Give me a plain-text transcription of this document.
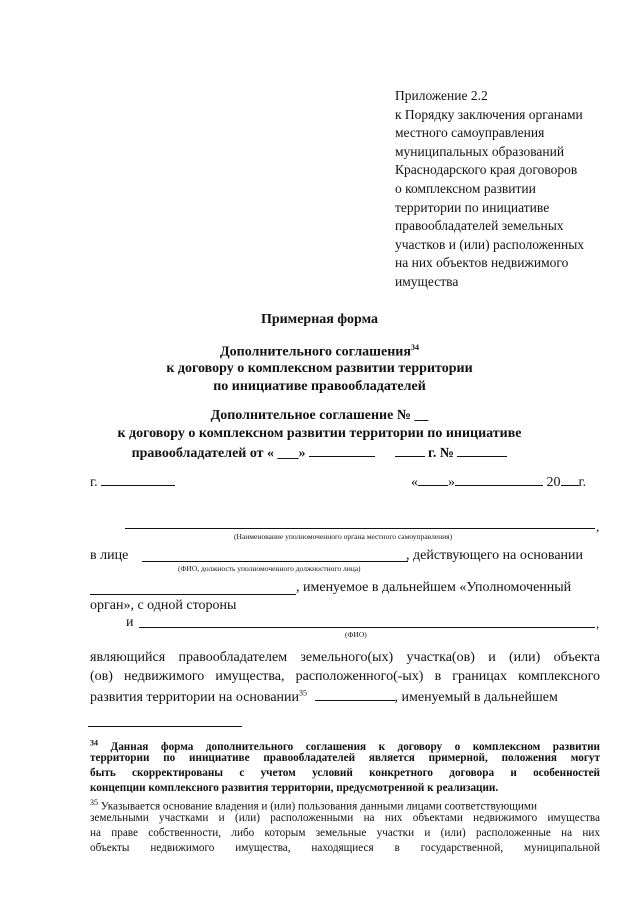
Приложение 2.2
к Порядку заключения органами
местного самоуправления
муниципальных образований
Краснодарского края договоров
о комплексном развитии
территории по инициативе
правообладателей земельных
участков и (или) расположенных
на них объектов недвижимого
имущества
Примерная форма
Дополнительного соглашения$^{34}$
к договору о комплексном развитии территории
по инициативе правообладателей
Дополнительное соглашение № __
к договору о комплексном развитии территории по инициативе
правообладателей от « ___»	г. №
г.	« »	20 г.
,
(Наименование уполномоченного органа местного самоуправления)
в лице	, действующего на основании
(ФИО, должность уполномоченного должностного лица)
, именуемое в дальнейшем «Уполномоченный
орган», с одной стороны
и	,
(ФИО)
являющийся правообладателем земельного(ых) участка(ов) и (или) объекта
(ов) недвижимого имущества, расположенного(-ых) в границах комплексного
развития территории на основании$^{35}$	, именуемый в дальнейшем
$^{34}$ Данная форма дополнительного соглашения к договору о комплексном развитии
территории по инициативе правообладателей является примерной, положения могут
быть скорректированы с учетом условий конкретного договора и особенностей
концепции комплексного развития территории, предусмотренной к реализации.
$^{35}$ Указывается основание владения и (или) пользования данными лицами соответствующими
земельными участками и (или) расположенными на них объектами недвижимого имущества
на праве собственности, либо которым земельные участки и (или) расположенные на них
объекты недвижимого имущества, находящиеся в государственной, муниципальной
